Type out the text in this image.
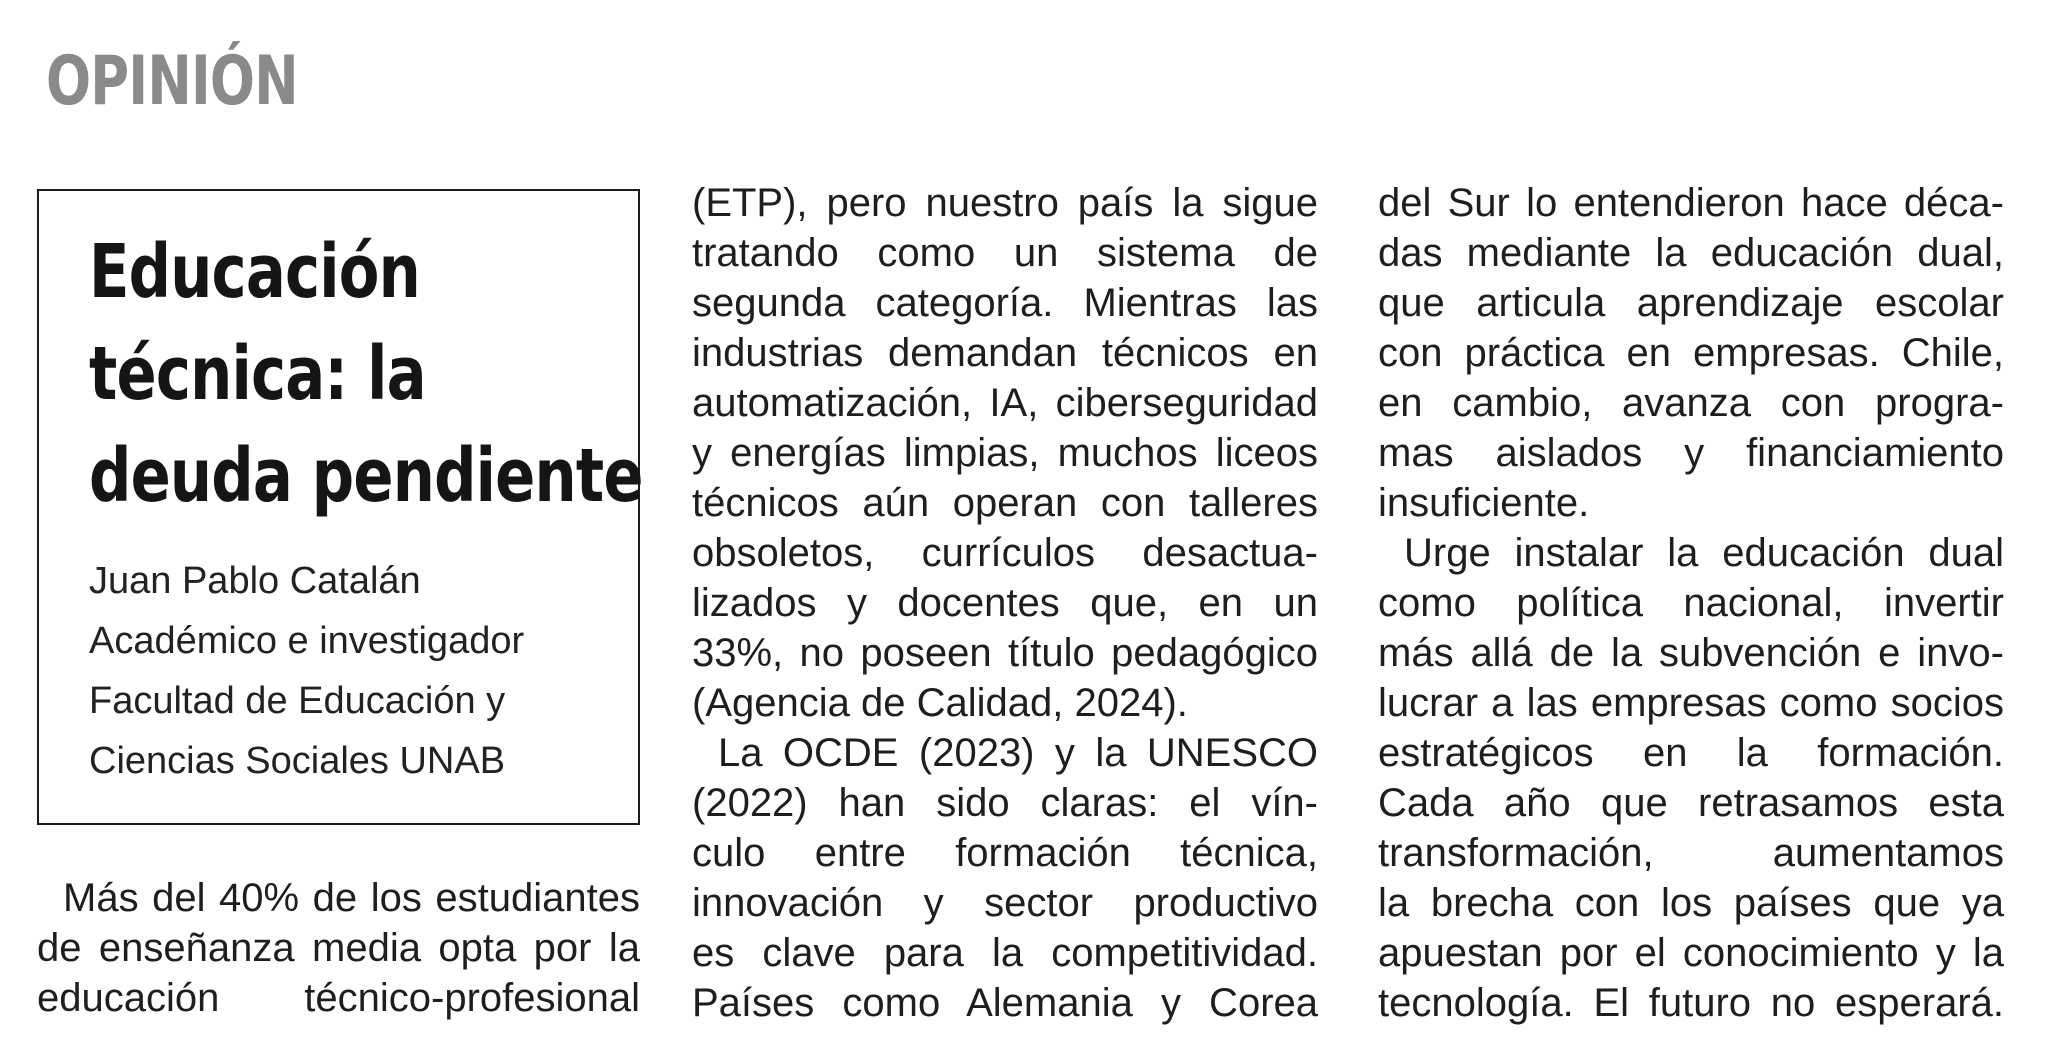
OPINIÓN
Educación
técnica: la
deuda pendiente
Juan Pablo Catalán
Académico e investigador
Facultad de Educación y
Ciencias Sociales UNAB
Más del 40% de los estudiantes
de enseñanza media opta por la
educación técnico-profesional
(ETP), pero nuestro país la sigue
tratando como un sistema de
segunda categoría. Mientras las
industrias demandan técnicos en
automatización, IA, ciberseguridad
y energías limpias, muchos liceos
técnicos aún operan con talleres
obsoletos, currículos desactua-
lizados y docentes que, en un
33%, no poseen título pedagógico
(Agencia de Calidad, 2024).
La OCDE (2023) y la UNESCO
(2022) han sido claras: el vín-
culo entre formación técnica,
innovación y sector productivo
es clave para la competitividad.
Países como Alemania y Corea
del Sur lo entendieron hace déca-
das mediante la educación dual,
que articula aprendizaje escolar
con práctica en empresas. Chile,
en cambio, avanza con progra-
mas aislados y financiamiento
insuficiente.
Urge instalar la educación dual
como política nacional, invertir
más allá de la subvención e invo-
lucrar a las empresas como socios
estratégicos en la formación.
Cada año que retrasamos esta
transformación, aumentamos
la brecha con los países que ya
apuestan por el conocimiento y la
tecnología. El futuro no esperará.
